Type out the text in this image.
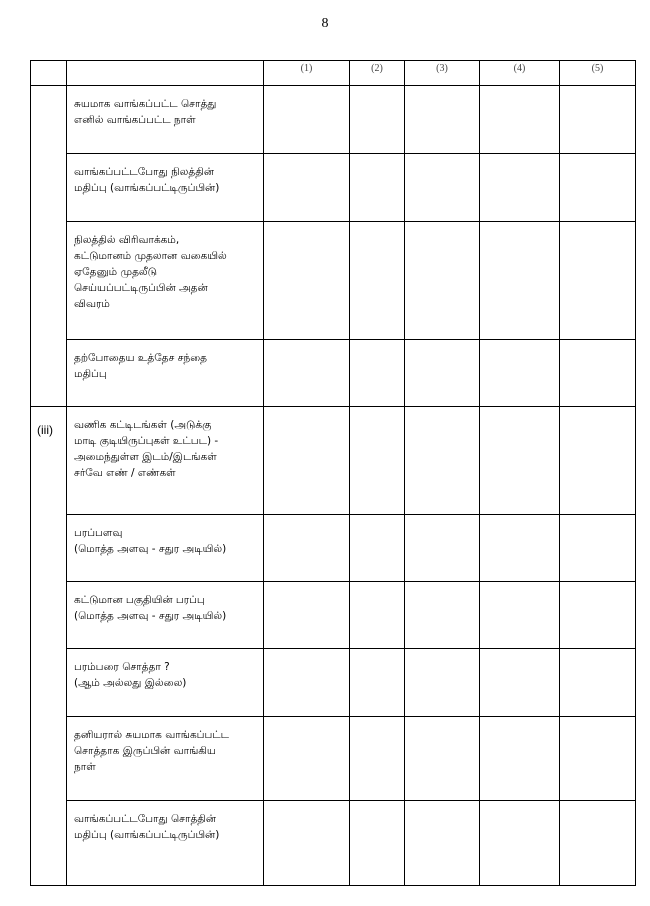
8
		(1)	(2)	(3)	(4)	(5)

	சுயமாக வாங்கப்பட்ட சொத்து
எனில் வாங்கப்பட்ட நாள்					

	வாங்கப்பட்டபோது நிலத்தின்
மதிப்பு (வாங்கப்பட்டிருப்பின்)					

	நிலத்தில் விரிவாக்கம்,
கட்டுமானம் முதலான வகையில்
ஏதேனும் முதலீடு
செய்யப்பட்டிருப்பின் அதன்
விவரம்					

	தற்போதைய உத்தேச சந்தை
மதிப்பு					

(iii)	வணிக கட்டிடங்கள் (அடுக்கு
மாடி குடியிருப்புகள் உட்பட) -
அமைந்துள்ள இடம்/இடங்கள்
சர்வே எண் / எண்கள்					

	பரப்பளவு
(மொத்த அளவு - சதுர அடியில்)					

	கட்டுமான பகுதியின் பரப்பு
(மொத்த அளவு - சதுர அடியில்)					

	பரம்பரை சொத்தா ?
(ஆம் அல்லது இல்லை)					

	தனியரால் சுயமாக வாங்கப்பட்ட
சொத்தாக இருப்பின் வாங்கிய
நாள்					

	வாங்கப்பட்டபோது சொத்தின்
மதிப்பு (வாங்கப்பட்டிருப்பின்)					
